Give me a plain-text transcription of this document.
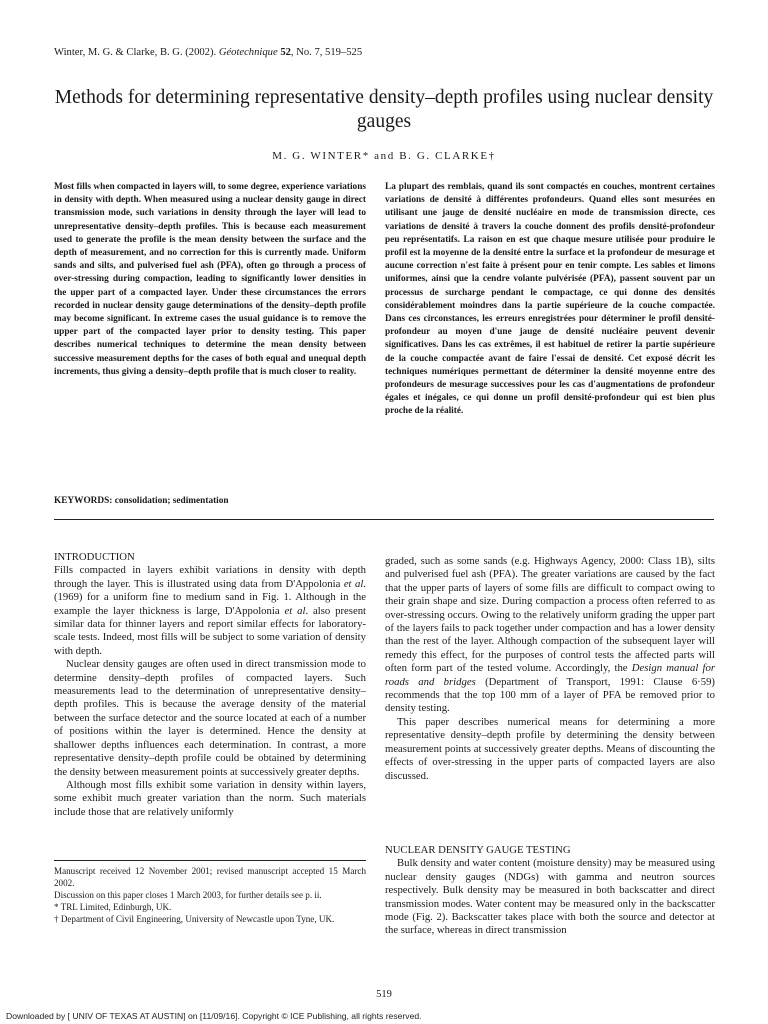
Winter, M. G. & Clarke, B. G. (2002). Géotechnique 52, No. 7, 519–525
Methods for determining representative density–depth profiles using nuclear density gauges
M. G. WINTER* and B. G. CLARKE†
Most fills when compacted in layers will, to some degree, experience variations in density with depth. When measured using a nuclear density gauge in direct transmission mode, such variations in density through the layer will lead to unrepresentative density–depth profiles. This is because each measurement used to generate the profile is the mean density between the surface and the depth of measurement, and no correction for this is currently made. Uniform sands and silts, and pulverised fuel ash (PFA), often go through a process of over-stressing during compaction, leading to significantly lower densities in the upper part of a compacted layer. Under these circumstances the errors recorded in nuclear density gauge determinations of the density–depth profile may become significant. In extreme cases the usual guidance is to remove the upper part of the compacted layer prior to density testing. This paper describes numerical techniques to determine the mean density between successive measurement depths for the cases of both equal and unequal depth increments, thus giving a density–depth profile that is much closer to reality.
La plupart des remblais, quand ils sont compactés en couches, montrent certaines variations de densité à différentes profondeurs. Quand elles sont mesurées en utilisant une jauge de densité nucléaire en mode de transmission directe, ces variations de densité à travers la couche donnent des profils densité-profondeur peu représentatifs. La raison en est que chaque mesure utilisée pour produire le profil est la moyenne de la densité entre la surface et la profondeur de mesurage et aucune correction n'est faite à présent pour en tenir compte. Les sables et limons uniformes, ainsi que la cendre volante pulvérisée (PFA), passent souvent par un processus de surcharge pendant le compactage, ce qui donne des densités considérablement moindres dans la partie supérieure de la couche compactée. Dans ces circonstances, les erreurs enregistrées pour déterminer le profil densité-profondeur au moyen d'une jauge de densité nucléaire peuvent devenir significatives. Dans les cas extrêmes, il est habituel de retirer la partie supérieure de la couche compactée avant de faire l'essai de densité. Cet exposé décrit les techniques numériques permettant de déterminer la densité moyenne entre des profondeurs de mesurage successives pour les cas d'augmentations de profondeur égales et inégales, ce qui donne un profil densité-profondeur qui est bien plus proche de la réalité.
KEYWORDS: consolidation; sedimentation
INTRODUCTION

Fills compacted in layers exhibit variations in density with depth through the layer. This is illustrated using data from D'Appolonia et al. (1969) for a uniform fine to medium sand in Fig. 1. Although in the example the layer thickness is large, D'Appolonia et al. also present similar data for thinner layers and report similar effects for laboratory-scale tests. Indeed, most fills will be subject to some variation of density with depth.

Nuclear density gauges are often used in direct transmission mode to determine density–depth profiles of compacted layers. Such measurements lead to the determination of unrepresentative density–depth profiles. This is because the average density of the material between the surface detector and the source located at each of a number of positions within the layer is determined. Hence the density at shallower depths influences each determination. In contrast, a more representative density–depth profile could be obtained by determining the density between measurement points at successively greater depths.

Although most fills exhibit some variation in density within layers, some exhibit much greater variation than the norm. Such materials include those that are relatively uniformly

graded, such as some sands (e.g. Highways Agency, 2000: Class 1B), silts and pulverised fuel ash (PFA). The greater variations are caused by the fact that the upper parts of layers of some fills are difficult to compact owing to their grain shape and size. During compaction a process often referred to as over-stressing occurs. Owing to the relatively uniform grading the upper part of the layers fails to pack together under compaction and has a lower density than the rest of the layer. Although compaction of the subsequent layer will remedy this effect, for the purposes of control tests the affected parts will often form part of the tested volume. Accordingly, the Design manual for roads and bridges (Department of Transport, 1991: Clause 6·59) recommends that the top 100 mm of a layer of PFA be removed prior to density testing.

This paper describes numerical means for determining a more representative density–depth profile by determining the density between measurement points at successively greater depths. Means of discounting the effects of over-stressing in the upper parts of compacted layers are also discussed.

NUCLEAR DENSITY GAUGE TESTING

Bulk density and water content (moisture density) may be measured using nuclear density gauges (NDGs) with gamma and neutron sources respectively. Bulk density may be measured in both backscatter and direct transmission modes. Water content may be measured only in the backscatter mode (Fig. 2). Backscatter takes place with both the source and detector at the surface, whereas in direct transmission

Manuscript received 12 November 2001; revised manuscript accepted 15 March 2002.
Discussion on this paper closes 1 March 2003, for further details see p. ii.
* TRL Limited, Edinburgh, UK.
† Department of Civil Engineering, University of Newcastle upon Tyne, UK.
519
Downloaded by [ UNIV OF TEXAS AT AUSTIN] on [11/09/16]. Copyright © ICE Publishing, all rights reserved.
